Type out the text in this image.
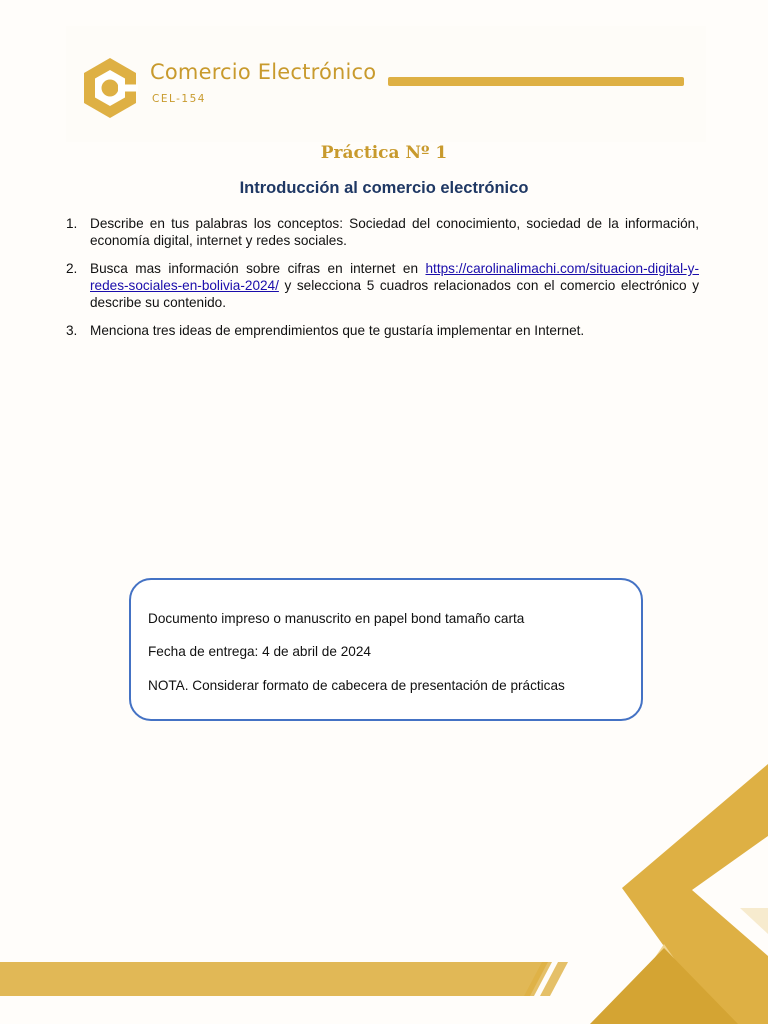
Comercio Electrónico
CEL-154
Práctica Nº 1
Introducción al comercio electrónico
1. Describe en tus palabras los conceptos: Sociedad del conocimiento, sociedad de la información, economía digital, internet y redes sociales.
2. Busca mas información sobre cifras en internet en https://carolinalimachi.com/situacion-digital-y-redes-sociales-en-bolivia-2024/ y selecciona 5 cuadros relacionados con el comercio electrónico y describe su contenido.
3. Menciona tres ideas de emprendimientos que te gustaría implementar en Internet.
Documento impreso o manuscrito en papel bond tamaño carta
Fecha de entrega: 4 de abril de 2024
NOTA. Considerar formato de cabecera de presentación de prácticas
